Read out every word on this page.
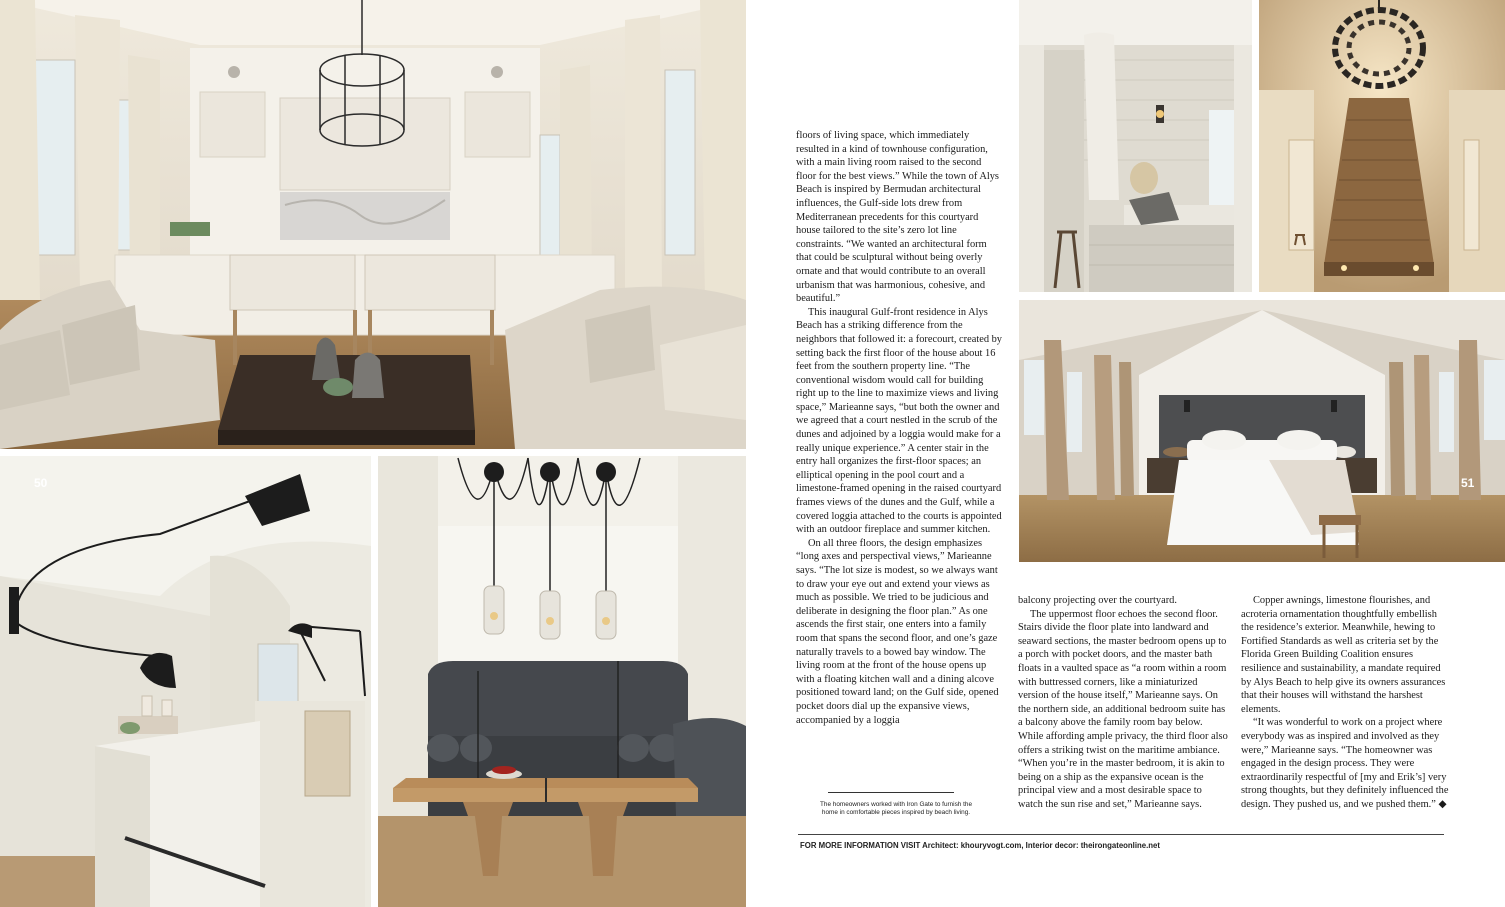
50	51

floors of living space, which immediately resulted in a kind of townhouse configuration, with a main living room raised to the second floor for the best views.” While the town of Alys Beach is inspired by Bermudan architectural influences, the Gulf-side lots drew from Mediterranean precedents for this courtyard house tailored to the site’s zero lot line constraints. “We wanted an architectural form that could be sculptural without being overly ornate and that would contribute to an overall urbanism that was harmonious, cohesive, and beautiful.”

This inaugural Gulf-front residence in Alys Beach has a striking difference from the neighbors that followed it: a forecourt, created by setting back the first floor of the house about 16 feet from the southern property line. “The conventional wisdom would call for building right up to the line to maximize views and living space,” Marieanne says, “but both the owner and we agreed that a court nestled in the scrub of the dunes and adjoined by a loggia would make for a really unique experience.” A center stair in the entry hall organizes the first-floor spaces; an elliptical opening in the pool court and a limestone-framed opening in the raised courtyard frames views of the dunes and the Gulf, while a covered loggia attached to the courts is appointed with an outdoor fireplace and summer kitchen.

On all three floors, the design emphasizes “long axes and perspectival views,” Marieanne says. “The lot size is modest, so we always want to draw your eye out and extend your views as much as possible. We tried to be judicious and deliberate in designing the floor plan.” As one ascends the first stair, one enters into a family room that spans the second floor, and one’s gaze naturally travels to a bowed bay window. The living room at the front of the house opens up with a floating kitchen wall and a dining alcove positioned toward land; on the Gulf side, opened pocket doors dial up the expansive views, accompanied by a loggia

balcony projecting over the courtyard.

The uppermost floor echoes the second floor. Stairs divide the floor plate into landward and seaward sections, the master bedroom opens up to a porch with pocket doors, and the master bath floats in a vaulted space as “a room within a room with buttressed corners, like a miniaturized version of the house itself,” Marieanne says. On the northern side, an additional bedroom suite has a balcony above the family room bay below. While affording ample privacy, the third floor also offers a striking twist on the maritime ambiance. “When you’re in the master bedroom, it is akin to being on a ship as the expansive ocean is the principal view and a most desirable space to watch the sun rise and set,” Marieanne says.

Copper awnings, limestone flourishes, and acroteria ornamentation thoughtfully embellish the residence’s exterior. Meanwhile, hewing to Fortified Standards as well as criteria set by the Florida Green Building Coalition ensures resilience and sustainability, a mandate required by Alys Beach to help give its owners assurances that their houses will withstand the harshest elements.

“It was wonderful to work on a project where everybody was as inspired and involved as they were,” Marieanne says. “The homeowner was engaged in the design process. They were extraordinarily respectful of [my and Erik’s] very strong thoughts, but they definitely influenced the design. They pushed us, and we pushed them.” ◆

The homeowners worked with Iron Gate to furnish the home in comfortable pieces inspired by beach living.
FOR MORE INFORMATION VISIT Architect: khouryvogt.com, Interior decor: theirongateonline.net
